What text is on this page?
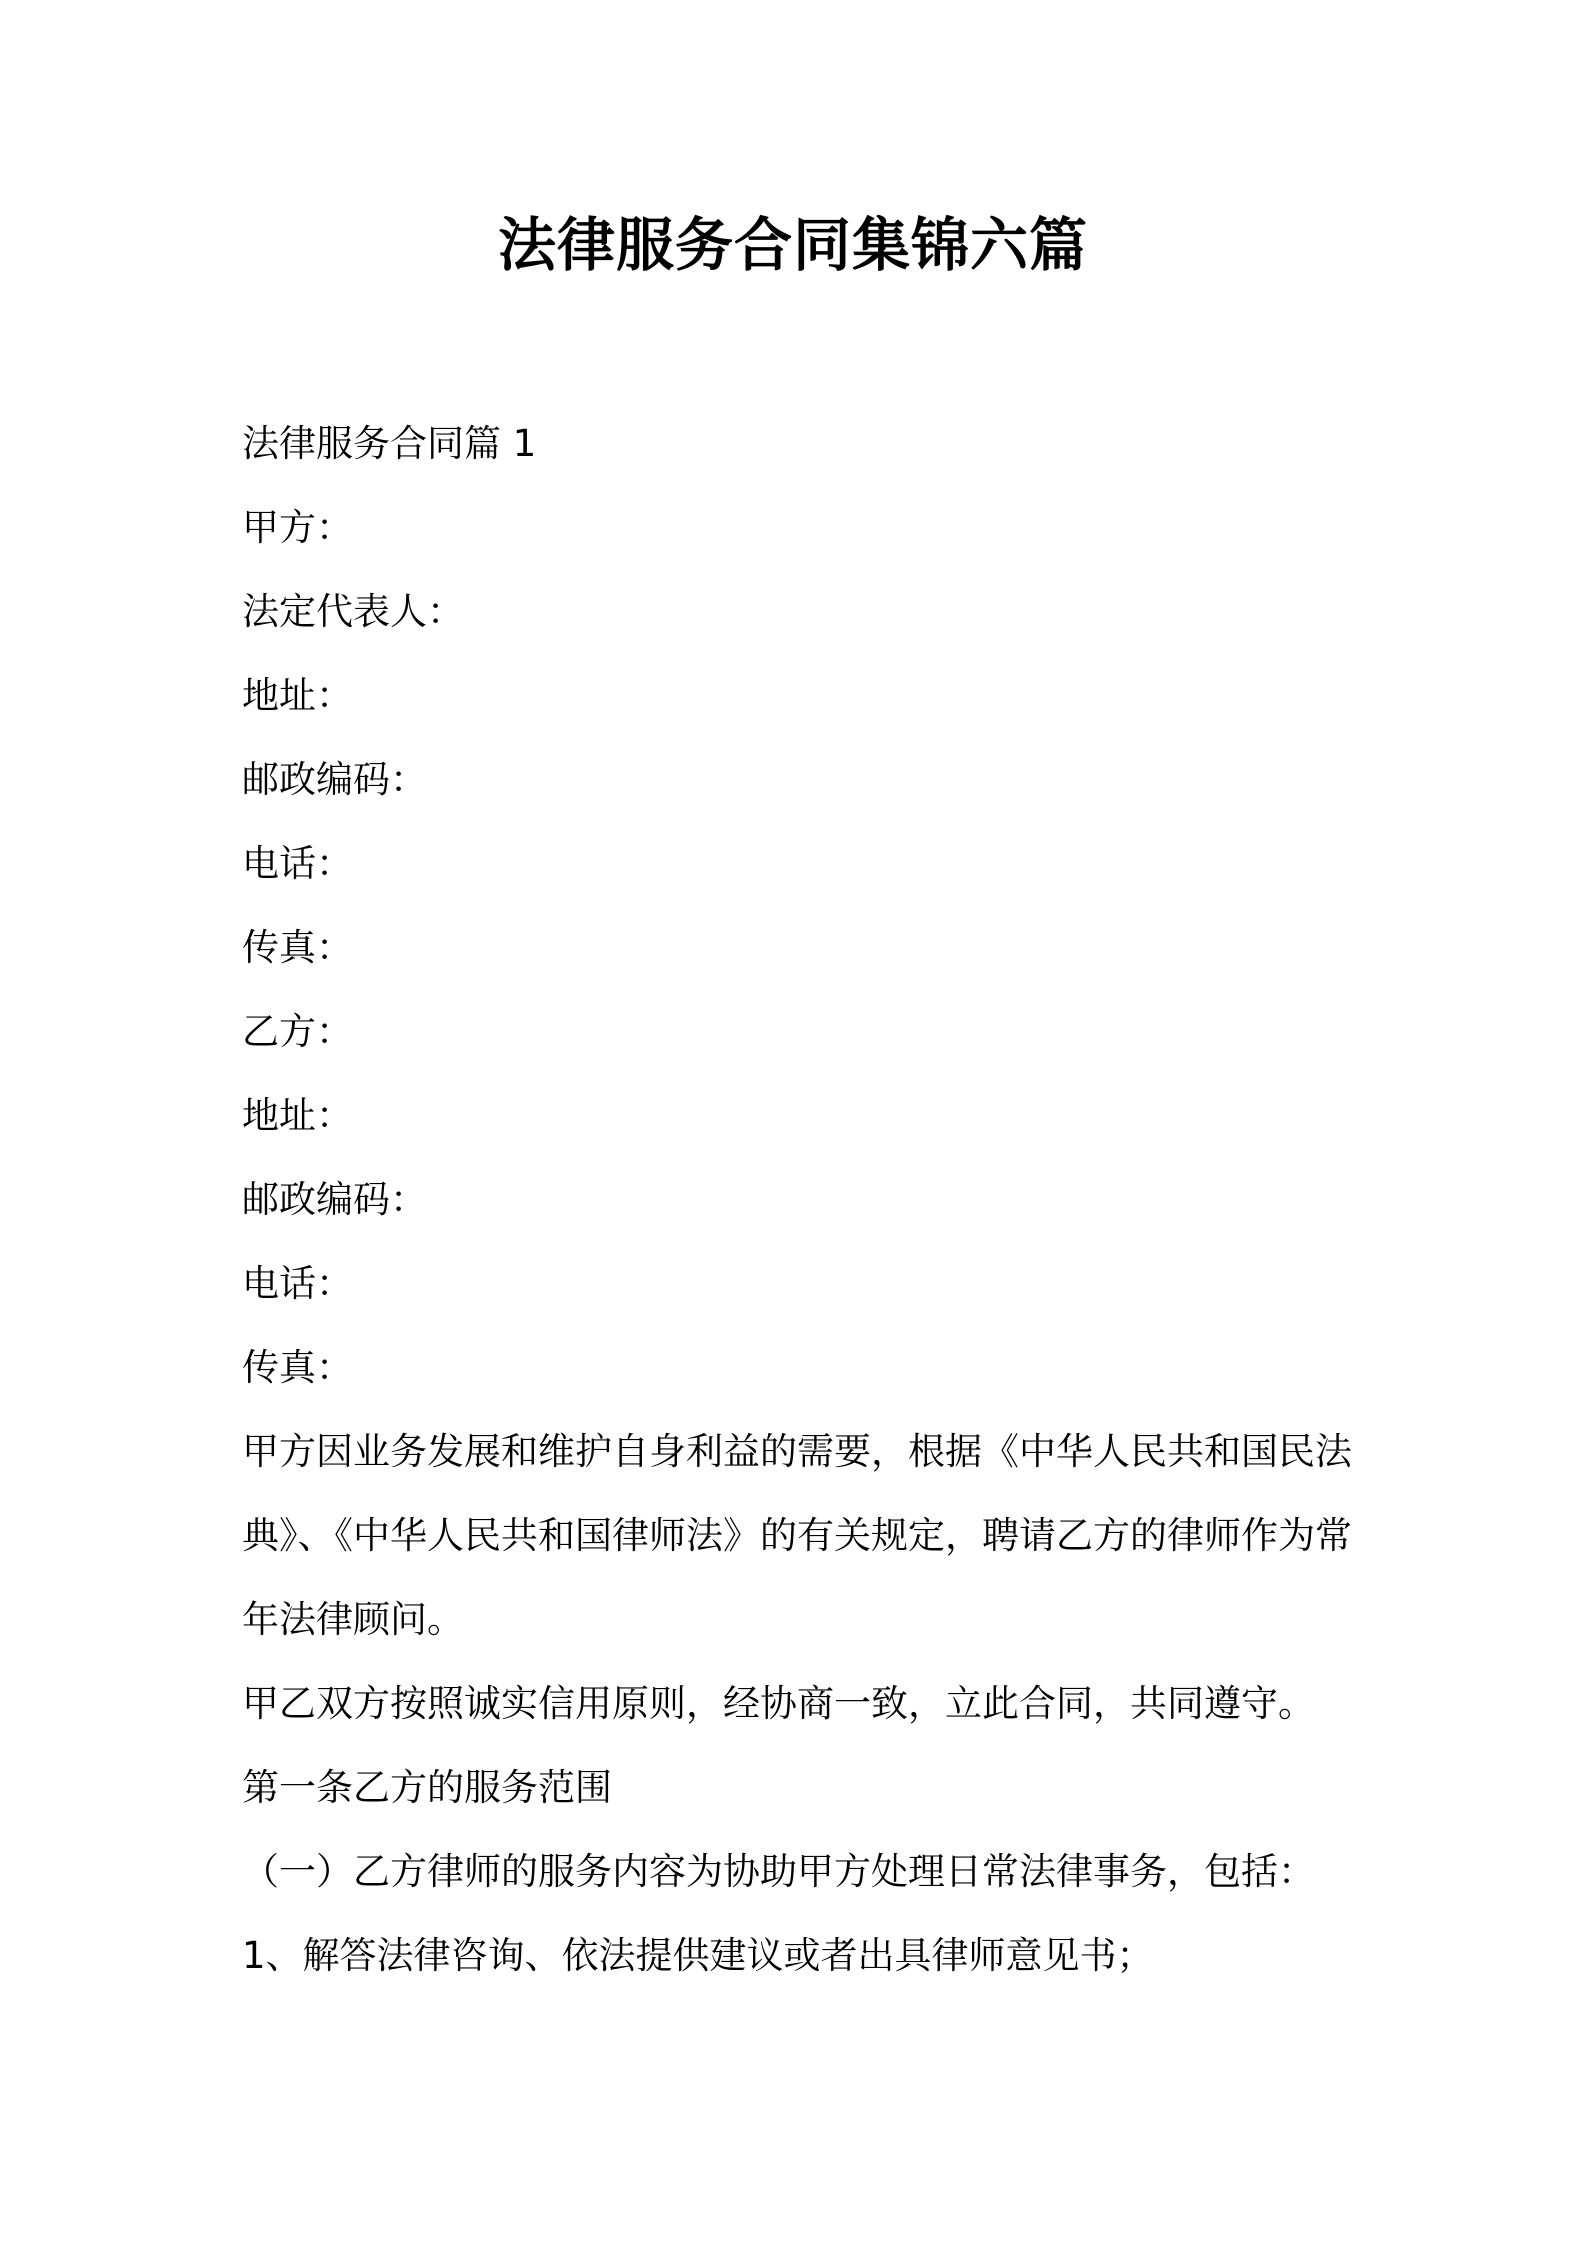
法律服务合同集锦六篇
法律服务合同篇 1
甲方：
法定代表人：
地址：
邮政编码：
电话：
传真：
乙方：
地址：
邮政编码：
电话：
传真：
甲方因业务发展和维护自身利益的需要，根据《中华人民共和国民法
典》、《中华人民共和国律师法》的有关规定，聘请乙方的律师作为常
年法律顾问。
甲乙双方按照诚实信用原则，经协商一致，立此合同，共同遵守。
第一条乙方的服务范围
（一）乙方律师的服务内容为协助甲方处理日常法律事务，包括：
1、解答法律咨询、依法提供建议或者出具律师意见书；
